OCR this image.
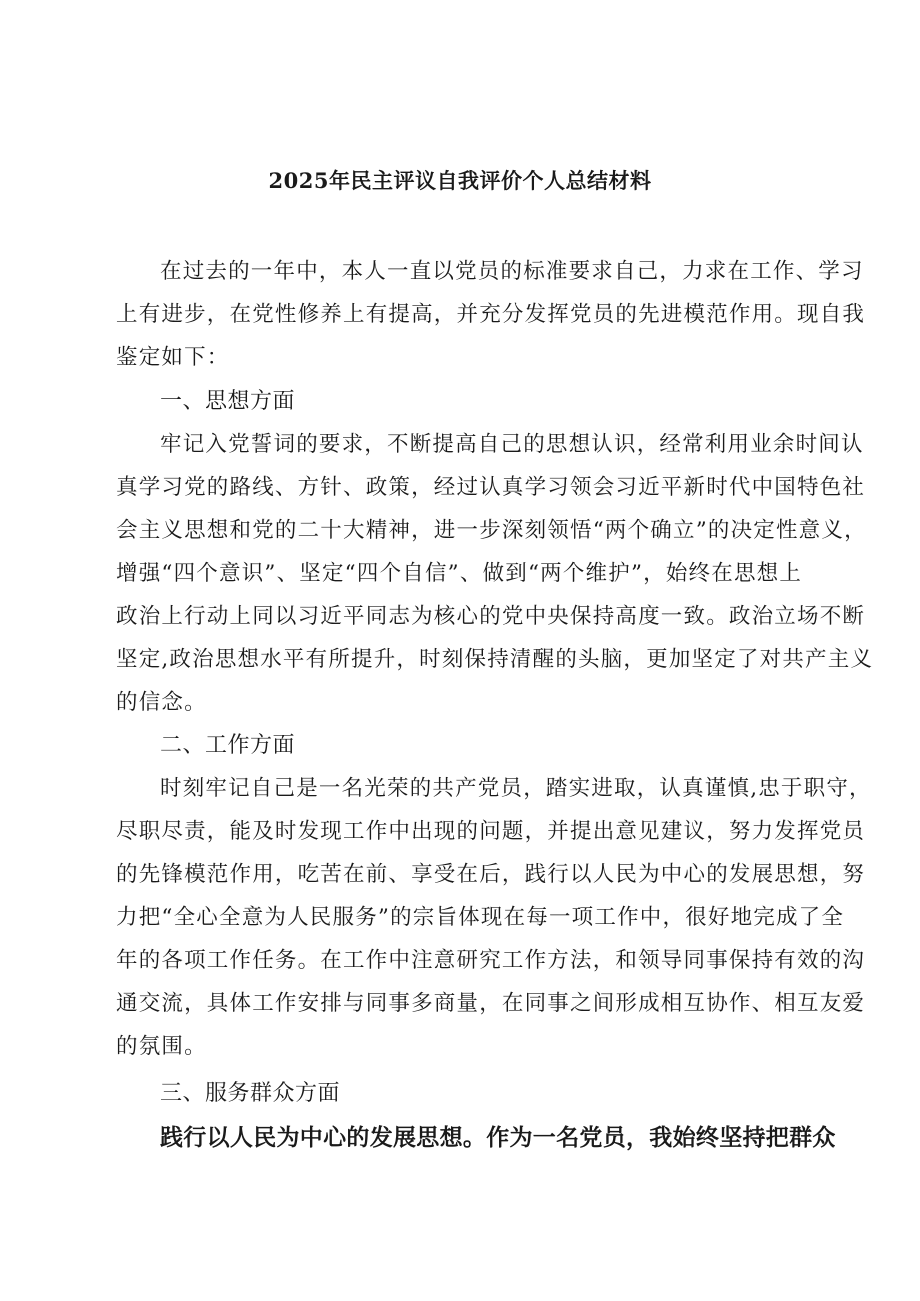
2025年民主评议自我评价个人总结材料
在过去的一年中，本人一直以党员的标准要求自己，力求在工作、学习
上有进步，在党性修养上有提高，并充分发挥党员的先进模范作用。现自我
鉴定如下：
一、思想方面
牢记入党誓词的要求，不断提高自己的思想认识，经常利用业余时间认
真学习党的路线、方针、政策，经过认真学习领会习近平新时代中国特色社
会主义思想和党的二十大精神，进一步深刻领悟“两个确立”的决定性意义，
增强“四个意识”、坚定“四个自信”、做到“两个维护”，始终在思想上
政治上行动上同以习近平同志为核心的党中央保持高度一致。政治立场不断
坚定,政治思想水平有所提升，时刻保持清醒的头脑，更加坚定了对共产主义
的信念。
二、工作方面
时刻牢记自己是一名光荣的共产党员，踏实进取，认真谨慎,忠于职守，
尽职尽责，能及时发现工作中出现的问题，并提出意见建议，努力发挥党员
的先锋模范作用，吃苦在前、享受在后，践行以人民为中心的发展思想，努
力把“全心全意为人民服务”的宗旨体现在每一项工作中，很好地完成了全
年的各项工作任务。在工作中注意研究工作方法，和领导同事保持有效的沟
通交流，具体工作安排与同事多商量，在同事之间形成相互协作、相互友爱
的氛围。
三、服务群众方面
践行以人民为中心的发展思想。作为一名党员，我始终坚持把群众
